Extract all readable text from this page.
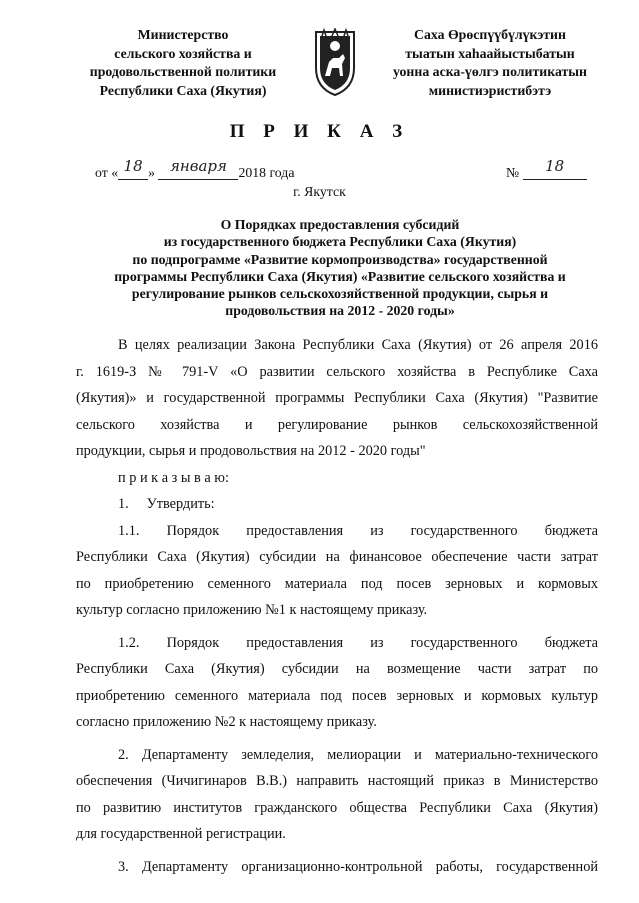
Министерство
сельского хозяйства и
продовольственной политики
Республики Саха (Якутия)
Саха Өрөспүүбүлүкэтин
тыатын хаһаайыстыбатын
уонна аска-үөлгэ политикатын
министиэристибэтэ
П Р И К А З
от « 18 » января 2018 года	№ 18
г. Якутск
О Порядках предоставления субсидий
из государственного бюджета Республики Саха (Якутия)
по подпрограмме «Развитие кормопроизводства» государственной
программы Республики Саха (Якутия) «Развитие сельского хозяйства и
регулирование рынков сельскохозяйственной продукции, сырья и
продовольствия на 2012 - 2020 годы»
В целях реализации Закона Республики Саха (Якутия) от 26 апреля 2016
г. 1619-З № 791-V «О развитии сельского хозяйства в Республике Саха
(Якутия)» и государственной программы Республики Саха (Якутия) "Развитие
сельского хозяйства и регулирование рынков сельскохозяйственной
продукции, сырья и продовольствия на 2012 - 2020 годы"
п р и к а з ы в а ю:
1.     Утвердить:
1.1. Порядок предоставления из государственного бюджета
Республики Саха (Якутия) субсидии на финансовое обеспечение части затрат
по приобретению семенного материала под посев зерновых и кормовых
культур согласно приложению №1 к настоящему приказу.
1.2. Порядок предоставления из государственного бюджета
Республики Саха (Якутия) субсидии на возмещение части затрат по
приобретению семенного материала под посев зерновых и кормовых культур
согласно приложению №2 к настоящему приказу.
2. Департаменту земледелия, мелиорации и материально-технического
обеспечения (Чичигинаров В.В.) направить настоящий приказ в Министерство
по развитию институтов гражданского общества Республики Саха (Якутия)
для государственной регистрации.
3. Департаменту организационно-контрольной работы, государственной
